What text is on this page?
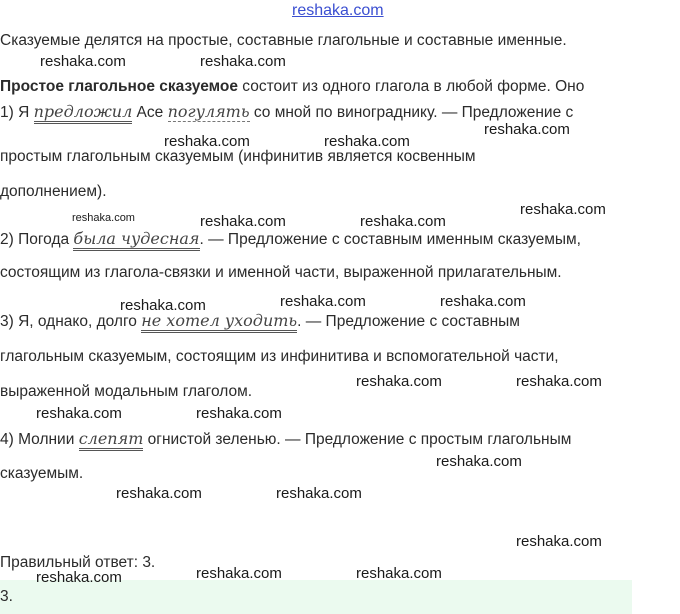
reshaka.com
Сказуемые делятся на простые, составные глагольные и составные именные.
Простое глагольное сказуемое состоит из одного глагола в любой форме. Оно
1) Я предложил Асе погулять со мной по винограднику. — Предложение с
простым глагольным сказуемым (инфинитив является косвенным
дополнением).
2) Погода была чудесная. — Предложение с составным именным сказуемым,
состоящим из глагола-связки и именной части, выраженной прилагательным.
3) Я, однако, долго не хотел уходить. — Предложение с составным
глагольным сказуемым, состоящим из инфинитива и вспомогательной части,
выраженной модальным глаголом.
4) Молнии слепят огнистой зеленью. — Предложение с простым глагольным
сказуемым.
Правильный ответ: 3.
3.
reshaka.com	reshaka.com
reshaka.com
reshaka.com	reshaka.com
reshaka.com
reshaka.com	reshaka.com	reshaka.com
reshaka.com	reshaka.com
reshaka.com
reshaka.com	reshaka.com
reshaka.com	reshaka.com
reshaka.com
reshaka.com	reshaka.com
reshaka.com
reshaka.com	reshaka.com	reshaka.com
